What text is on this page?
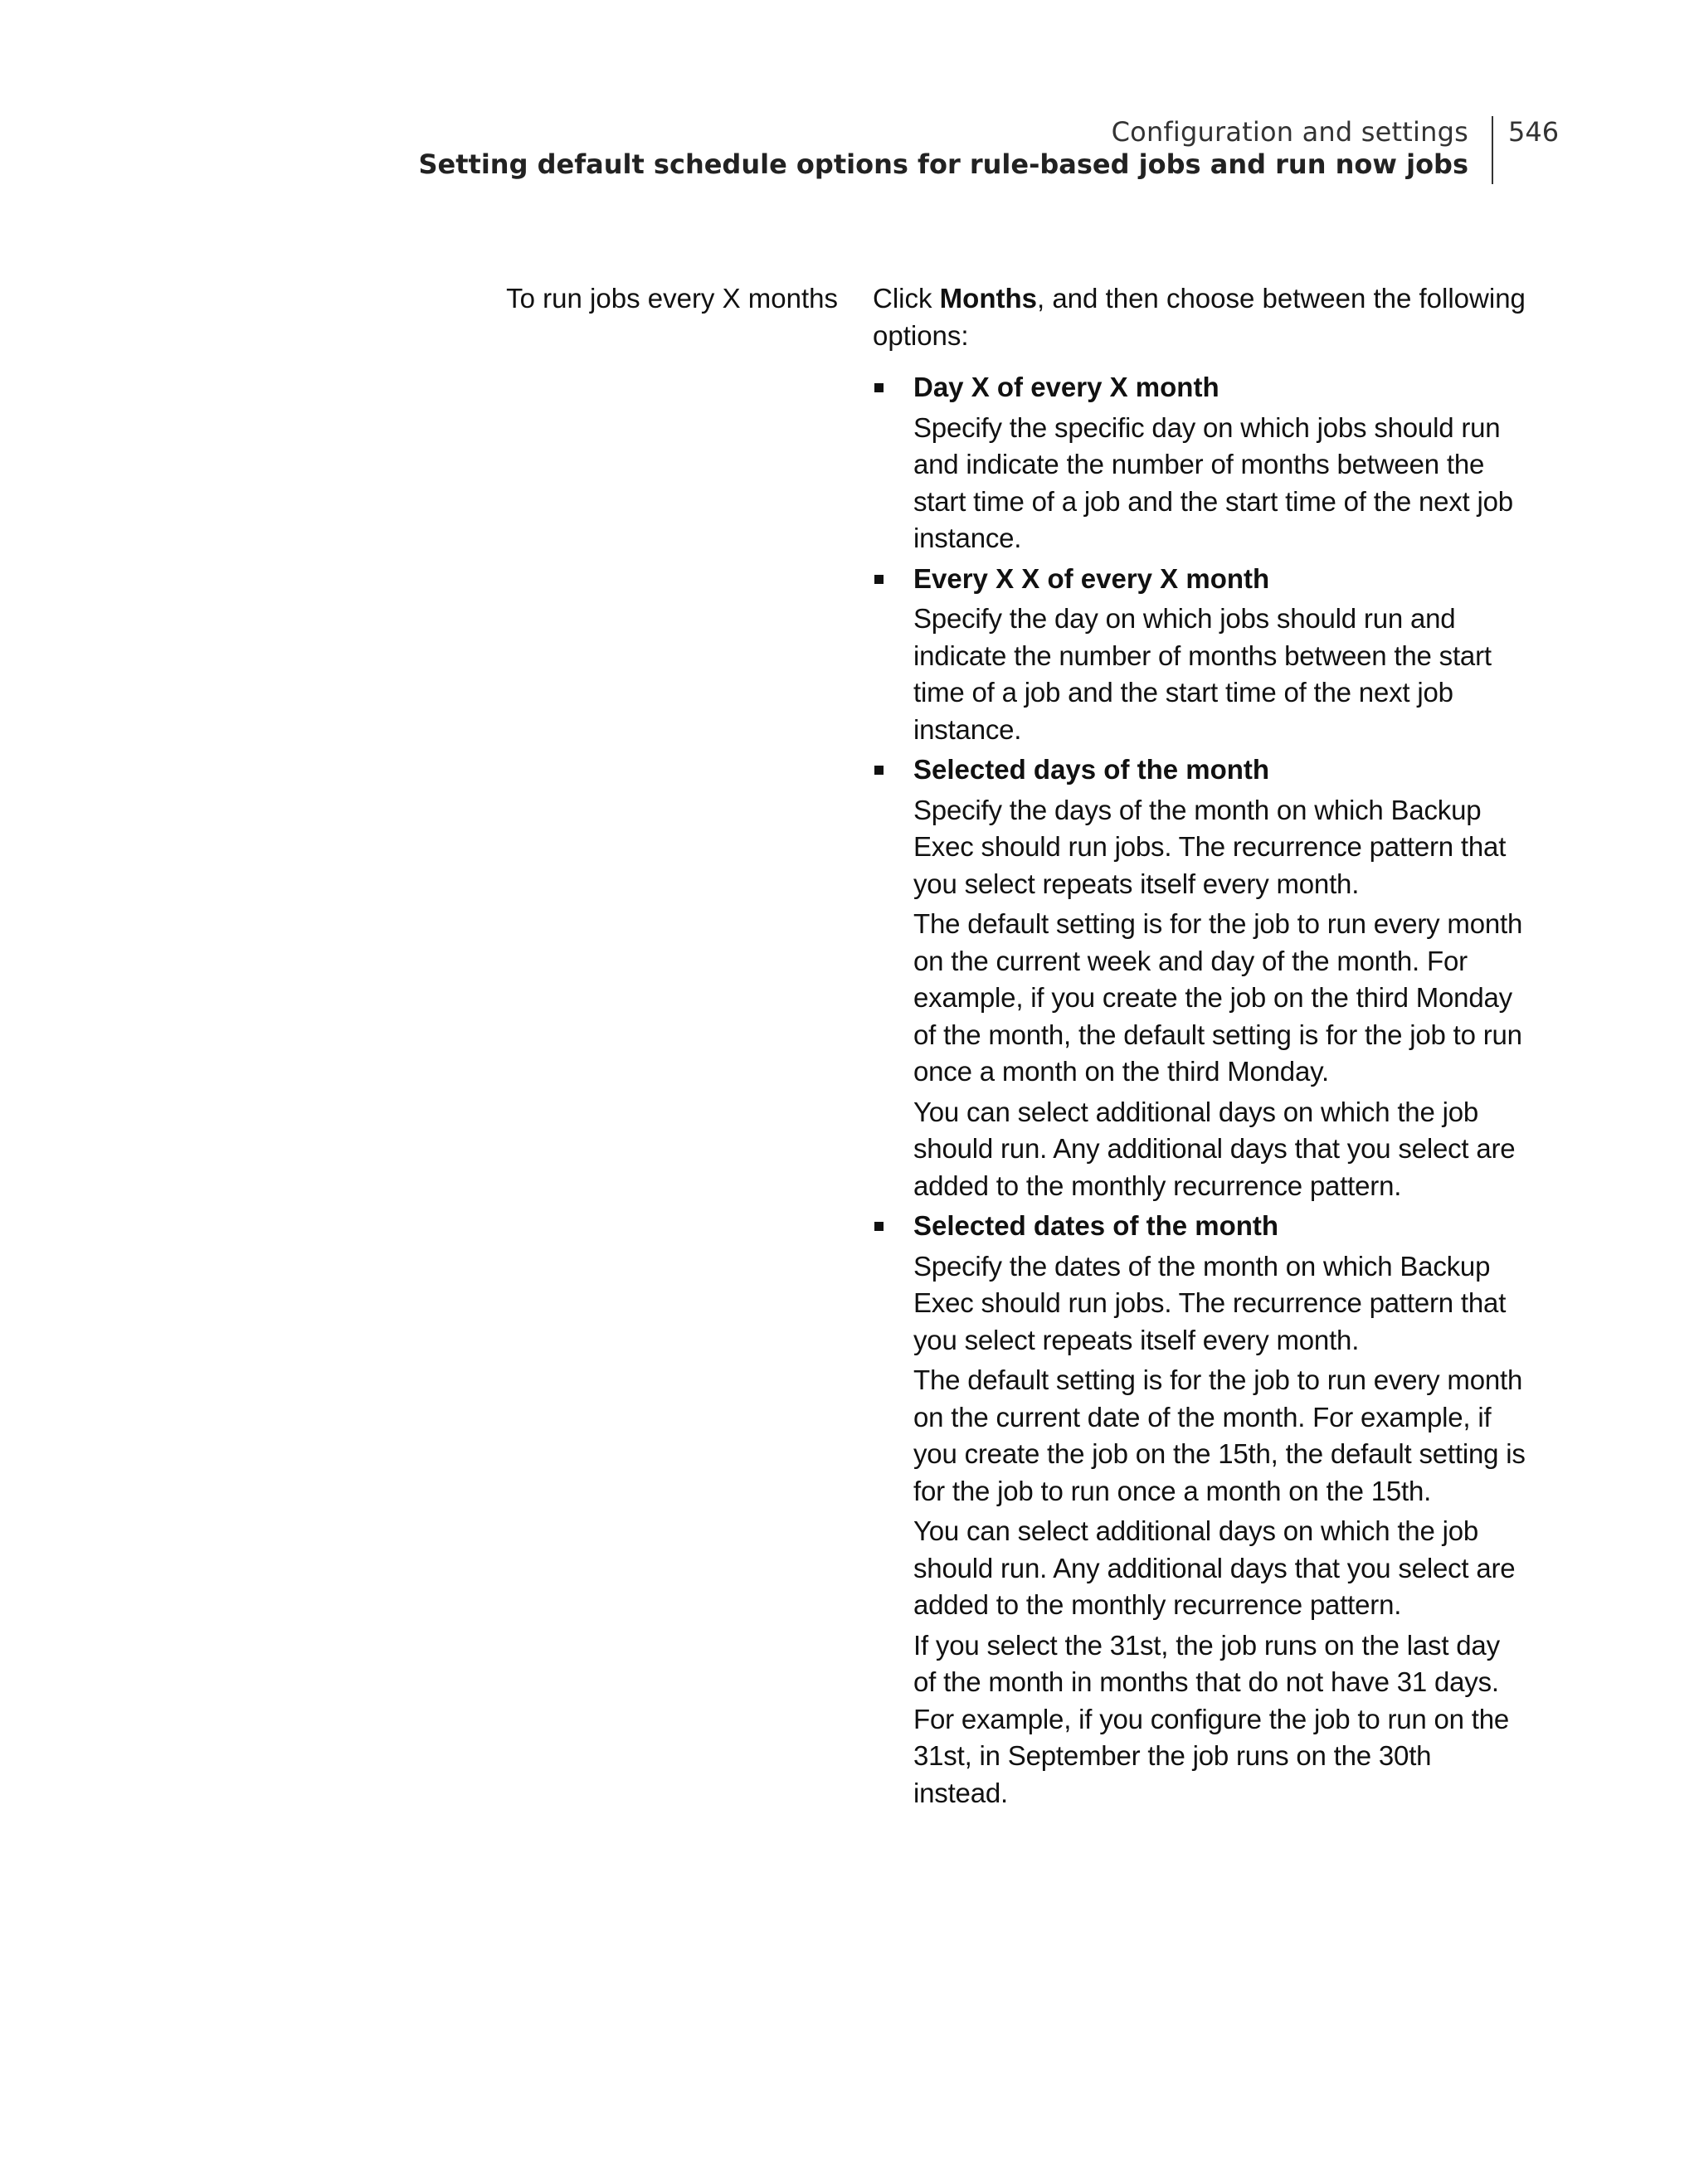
Configuration and settings
Setting default schedule options for rule-based jobs and run now jobs
546
To run jobs every X months Click Months, and then choose between the following options:

Day X of every X month

Specify the specific day on which jobs should run and indicate the number of months between the start time of a job and the start time of the next job instance.

Every X X of every X month

Specify the day on which jobs should run and indicate the number of months between the start time of a job and the start time of the next job instance.

Selected days of the month

Specify the days of the month on which Backup Exec should run jobs. The recurrence pattern that you select repeats itself every month.

The default setting is for the job to run every month on the current week and day of the month. For example, if you create the job on the third Monday of the month, the default setting is for the job to run once a month on the third Monday.

You can select additional days on which the job should run. Any additional days that you select are added to the monthly recurrence pattern.

Selected dates of the month

Specify the dates of the month on which Backup Exec should run jobs. The recurrence pattern that you select repeats itself every month.

The default setting is for the job to run every month on the current date of the month. For example, if you create the job on the 15th, the default setting is for the job to run once a month on the 15th.

You can select additional days on which the job should run. Any additional days that you select are added to the monthly recurrence pattern.

If you select the 31st, the job runs on the last day of the month in months that do not have 31 days. For example, if you configure the job to run on the 31st, in September the job runs on the 30th instead.
